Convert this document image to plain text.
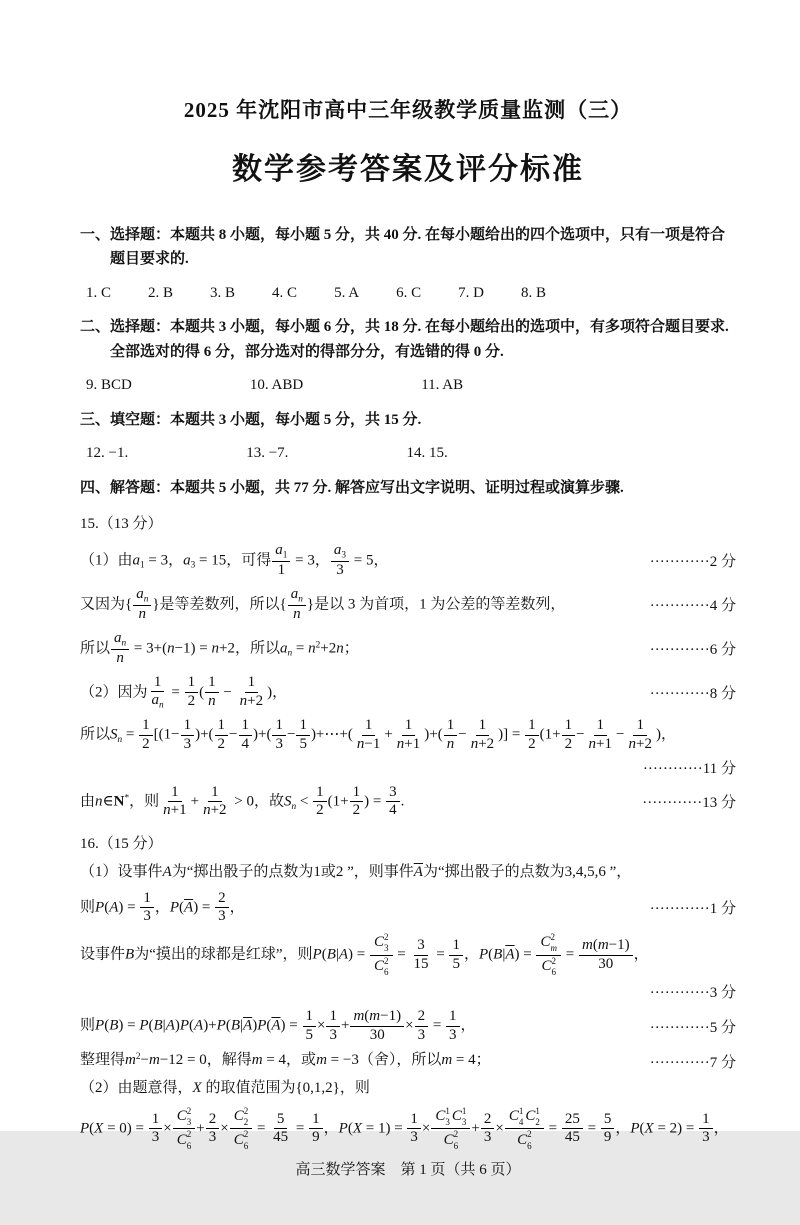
2025 年沈阳市高中三年级教学质量监测（三）
数学参考答案及评分标准
一、选择题：本题共 8 小题，每小题 5 分，共 40 分. 在每小题给出的四个选项中，只有一项是符合题目要求的.
1. C 2. B 3. B 4. C 5. A 6. C 7. D 8. B
二、选择题：本题共 3 小题，每小题 6 分，共 18 分. 在每小题给出的选项中，有多项符合题目要求. 全部选对的得 6 分，部分选对的得部分分，有选错的得 0 分.
9. BCD	10. ABD	11. AB
三、填空题：本题共 3 小题，每小题 5 分，共 15 分.
12. −1.	13. −7.	14. 15.
四、解答题：本题共 5 小题，共 77 分. 解答应写出文字说明、证明过程或演算步骤.
15.（13 分）
（1）由$a_1 = 3$，$a_3 = 15$，可得 $\frac{a_1}{1} = 3$， $\frac{a_3}{3} = 5$，	············2 分
又因为{ $\frac{a_n}{n}$ }是等差数列，所以{ $\frac{a_n}{n}$ }是以 3 为首项，1 为公差的等差数列，	············4 分
所以 $\frac{a_n}{n} = 3+(n-1) = n+2$，所以$a_n = n^2+2n$；	············6 分
（2）因为 $\frac{1}{a_n} = \frac{1}{2}$ ( $\frac{1}{n} - \frac{1}{n+2}$ )，	············8 分
所以$S_n = \frac{1}{2} [(1- \frac{1}{3}$ )+( $\frac{1}{2} - \frac{1}{4}$ )+( $\frac{1}{3} - \frac{1}{5}$ )+⋯+( $\frac{1}{n-1} + \frac{1}{n+1}$ )+( $\frac{1}{n} - \frac{1}{n+2}$ )] = $\frac{1}{2} (1+ \frac{1}{2} - \frac{1}{n+1} - \frac{1}{n+2}$ )，
············11 分
由n∈N*，则 $\frac{1}{n+1} + \frac{1}{n+2} > 0$，故$S_n < \frac{1}{2} (1+ \frac{1}{2}$ ) = $\frac{3}{4}$ .	············13 分
16.（15 分）
（1）设事件A为“掷出骰子的点数为1或2 ”，则事件$\overline{A}$为“掷出骰子的点数为3,4,5,6 ”，
则$P(A) = \frac{1}{3}$ ，$P(\overline{A}) = \frac{2}{3}$ ，	············1 分
设事件B为“摸出的球都是红球”，则P(B|A) = C 2
3
C 2
$6 = \frac{3}{15} = \frac{1}{5}$ ，$P(B|\overline{A}) = C$ 2
m
C 2
$6 = \frac{m(m-1)}{30}$ ，
············3 分
则$P(B) = P(B|A)P(A)+P(B|\overline{A})P(\overline{A}) = \frac{1}{5} \times \frac{1}{3} + \frac{m(m-1)}{30} \times \frac{2}{3} = \frac{1}{3}$ ，	············5 分
整理得$m^2-m-12 = 0$，解得m = 4，或m = −3（舍），所以m = 4；	············7 分
（2）由题意得，X 的取值范围为{0,1,2}，则
$P(X = 0) = \frac{1}{3} \times C$ 2
3
C 2
$6 + \frac{2}{3} \times C$ 2
2
C 2
$6 = \frac{5}{45} = \frac{1}{9}$ ，$P(X = 1) = \frac{1}{3} \times C$ 1
3 C 1
3
C 2
$6 + \frac{2}{3} \times C$ 1
4 C 1
2
C 2
$6 = \frac{25}{45} = \frac{5}{9}$ ，$P(X = 2) = \frac{1}{3}$ ，
高三数学答案　第 1 页（共 6 页）
